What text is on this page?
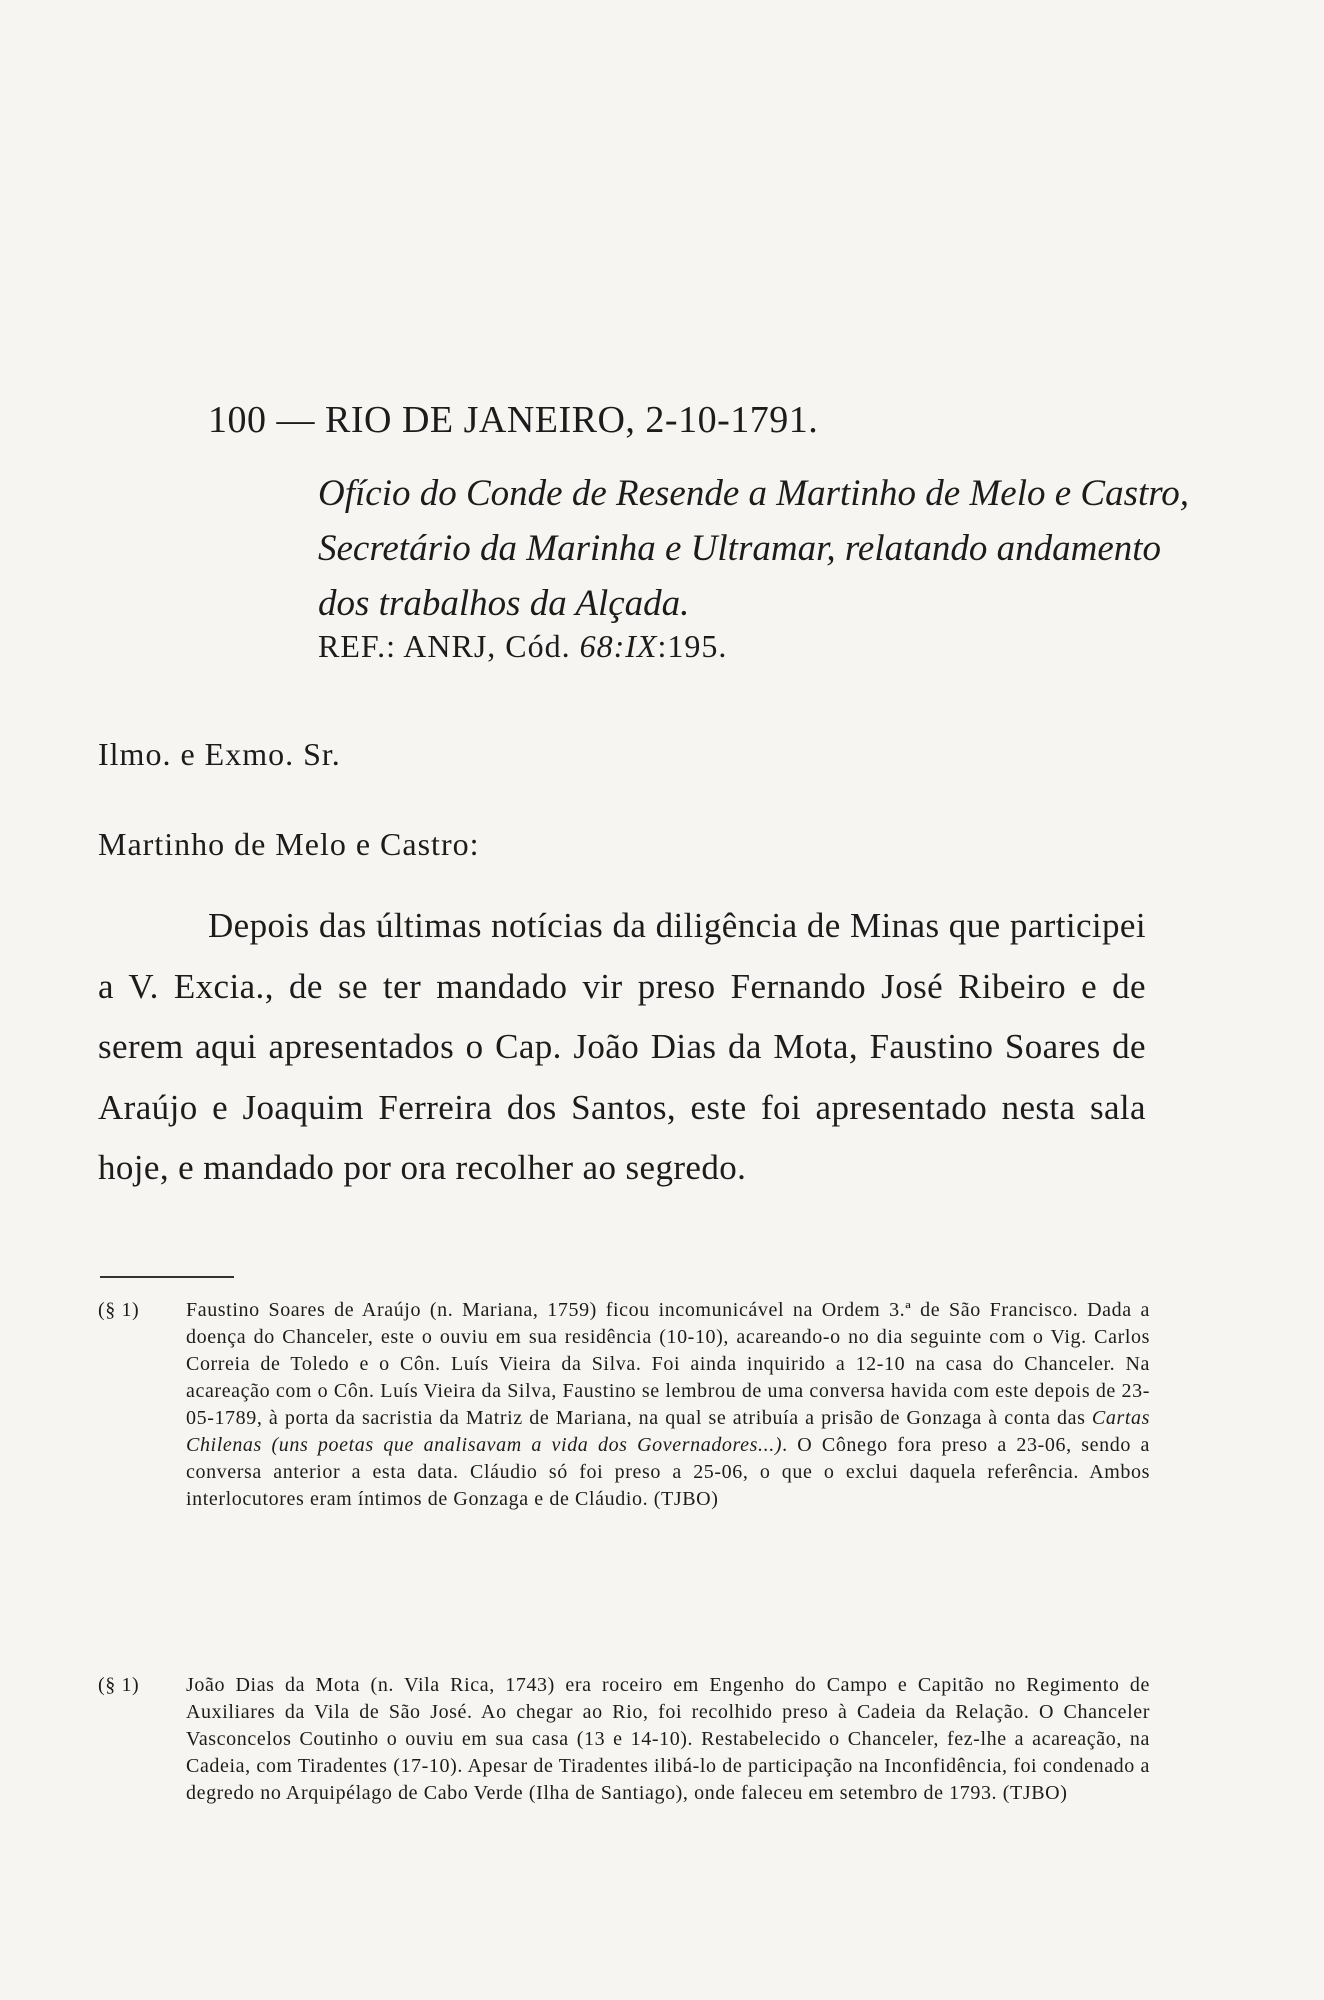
100 — RIO DE JANEIRO, 2-10-1791.
Ofício do Conde de Resende a Martinho de Melo e Castro, Secretário da Marinha e Ultramar, relatando andamento dos trabalhos da Alçada.
REF.: ANRJ, Cód. 68:IX:195.
Ilmo. e Exmo. Sr.
Martinho de Melo e Castro:
Depois das últimas notícias da diligência de Minas que participei a V. Excia., de se ter mandado vir preso Fernando José Ribeiro e de serem aqui apresentados o Cap. João Dias da Mota, Faustino Soares de Araújo e Joaquim Ferreira dos Santos, este foi apresentado nesta sala hoje, e mandado por ora recolher ao segredo.
(§ 1)	Faustino Soares de Araújo (n. Mariana, 1759) ficou incomunicável na Ordem 3.ª de São Francisco. Dada a doença do Chanceler, este o ouviu em sua residência (10-10), acareando-o no dia seguinte com o Vig. Carlos Correia de Toledo e o Côn. Luís Vieira da Silva. Foi ainda inquirido a 12-10 na casa do Chanceler. Na acareação com o Côn. Luís Vieira da Silva, Faustino se lembrou de uma conversa havida com este depois de 23-05-1789, à porta da sacristia da Matriz de Mariana, na qual se atribuía a prisão de Gonzaga à conta das Cartas Chilenas (uns poetas que analisavam a vida dos Governadores...). O Cônego fora preso a 23-06, sendo a conversa anterior a esta data. Cláudio só foi preso a 25-06, o que o exclui daquela referência. Ambos interlocutores eram íntimos de Gonzaga e de Cláudio. (TJBO)
(§ 1)	João Dias da Mota (n. Vila Rica, 1743) era roceiro em Engenho do Campo e Capitão no Regimento de Auxiliares da Vila de São José. Ao chegar ao Rio, foi recolhido preso à Cadeia da Relação. O Chanceler Vasconcelos Coutinho o ouviu em sua casa (13 e 14-10). Restabelecido o Chanceler, fez-lhe a acareação, na Cadeia, com Tiradentes (17-10). Apesar de Tiradentes ilibá-lo de participação na Inconfidência, foi condenado a degredo no Arquipélago de Cabo Verde (Ilha de Santiago), onde faleceu em setembro de 1793. (TJBO)
